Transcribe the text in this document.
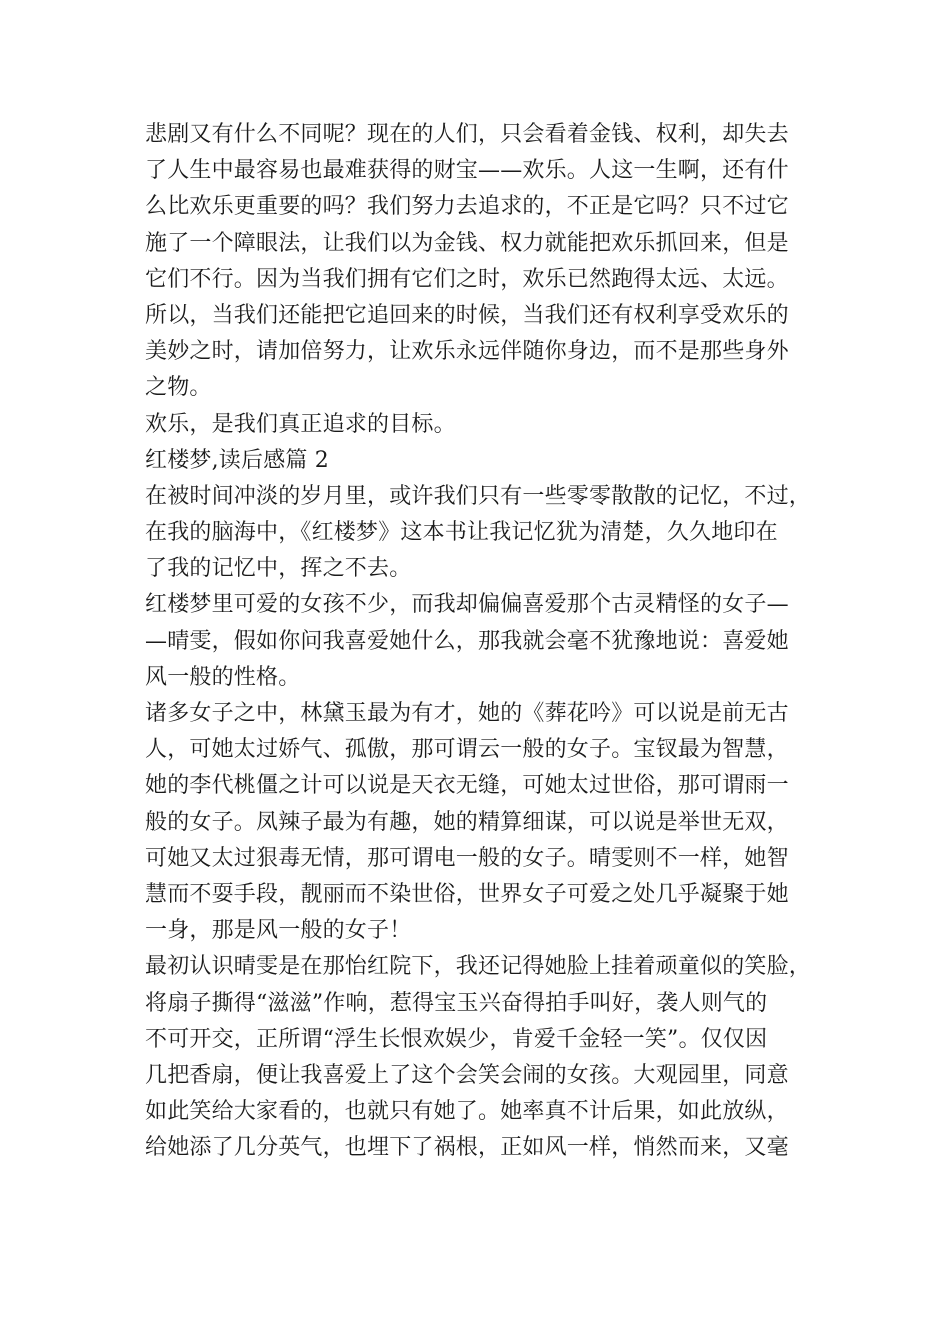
悲剧又有什么不同呢？现在的人们，只会看着金钱、权利，却失去
了人生中最容易也最难获得的财宝——欢乐。人这一生啊，还有什
么比欢乐更重要的吗？我们努力去追求的，不正是它吗？只不过它
施了一个障眼法，让我们以为金钱、权力就能把欢乐抓回来，但是
它们不行。因为当我们拥有它们之时，欢乐已然跑得太远、太远。
所以，当我们还能把它追回来的时候，当我们还有权利享受欢乐的
美妙之时，请加倍努力，让欢乐永远伴随你身边，而不是那些身外
之物。
欢乐，是我们真正追求的目标。
红楼梦,读后感篇 2
在被时间冲淡的岁月里，或许我们只有一些零零散散的记忆，不过，
在我的脑海中，《红楼梦》这本书让我记忆犹为清楚，久久地印在
了我的记忆中，挥之不去。
红楼梦里可爱的女孩不少，而我却偏偏喜爱那个古灵精怪的女子—
—晴雯，假如你问我喜爱她什么，那我就会毫不犹豫地说：喜爱她
风一般的性格。
诸多女子之中，林黛玉最为有才，她的《葬花吟》可以说是前无古
人，可她太过娇气、孤傲，那可谓云一般的女子。宝钗最为智慧，
她的李代桃僵之计可以说是天衣无缝，可她太过世俗，那可谓雨一
般的女子。凤辣子最为有趣，她的精算细谋，可以说是举世无双，
可她又太过狠毒无情，那可谓电一般的女子。晴雯则不一样，她智
慧而不耍手段，靓丽而不染世俗，世界女子可爱之处几乎凝聚于她
一身，那是风一般的女子！
最初认识晴雯是在那怡红院下，我还记得她脸上挂着顽童似的笑脸，
将扇子撕得“滋滋”作响，惹得宝玉兴奋得拍手叫好，袭人则气的
不可开交，正所谓“浮生长恨欢娱少，肯爱千金轻一笑”。仅仅因
几把香扇，便让我喜爱上了这个会笑会闹的女孩。大观园里，同意
如此笑给大家看的，也就只有她了。她率真不计后果，如此放纵，
给她添了几分英气，也埋下了祸根，正如风一样，悄然而来，又毫
